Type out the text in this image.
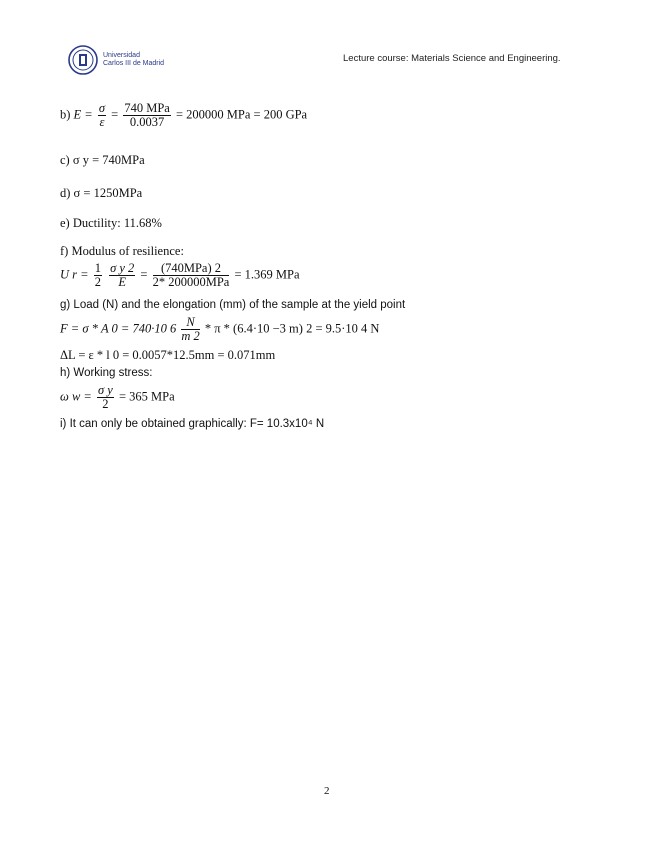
Universidad
Carlos III de Madrid	Lecture course: Materials Science and Engineering.
b) $E = \frac{\sigma}{\varepsilon} = \frac{\text{740 MPa}}{0.0037} = 200000$ MPa = 200 GPa
c) σ y = 740MPa
d) σ = 1250MPa
e) Ductility: 11.68%
f) Modulus of resilience:
U $r = \frac{1}{2}$
$\frac{\text{σ y 2}}{E} = \frac{\text{(740MPa) 2}}{\text{2* 200000MPa}} = 1.369$ MPa
g) Load (N) and the elongation (mm) of the sample at the yield point
F = σ * A 0 = 740·10 $6 \frac{N}{m 2} * \pi * (6.4\cdot 10 -3$ m) 2 = 9.5·10 4 N
ΔL = ε * l 0 = 0.0057*12.5mm = 0.071mm
h) Working stress:
ω $w = \frac{\text{σ y}}{2} = 365$ MPa
i) It can only be obtained graphically: F= 10.3x10⁴ N
2
